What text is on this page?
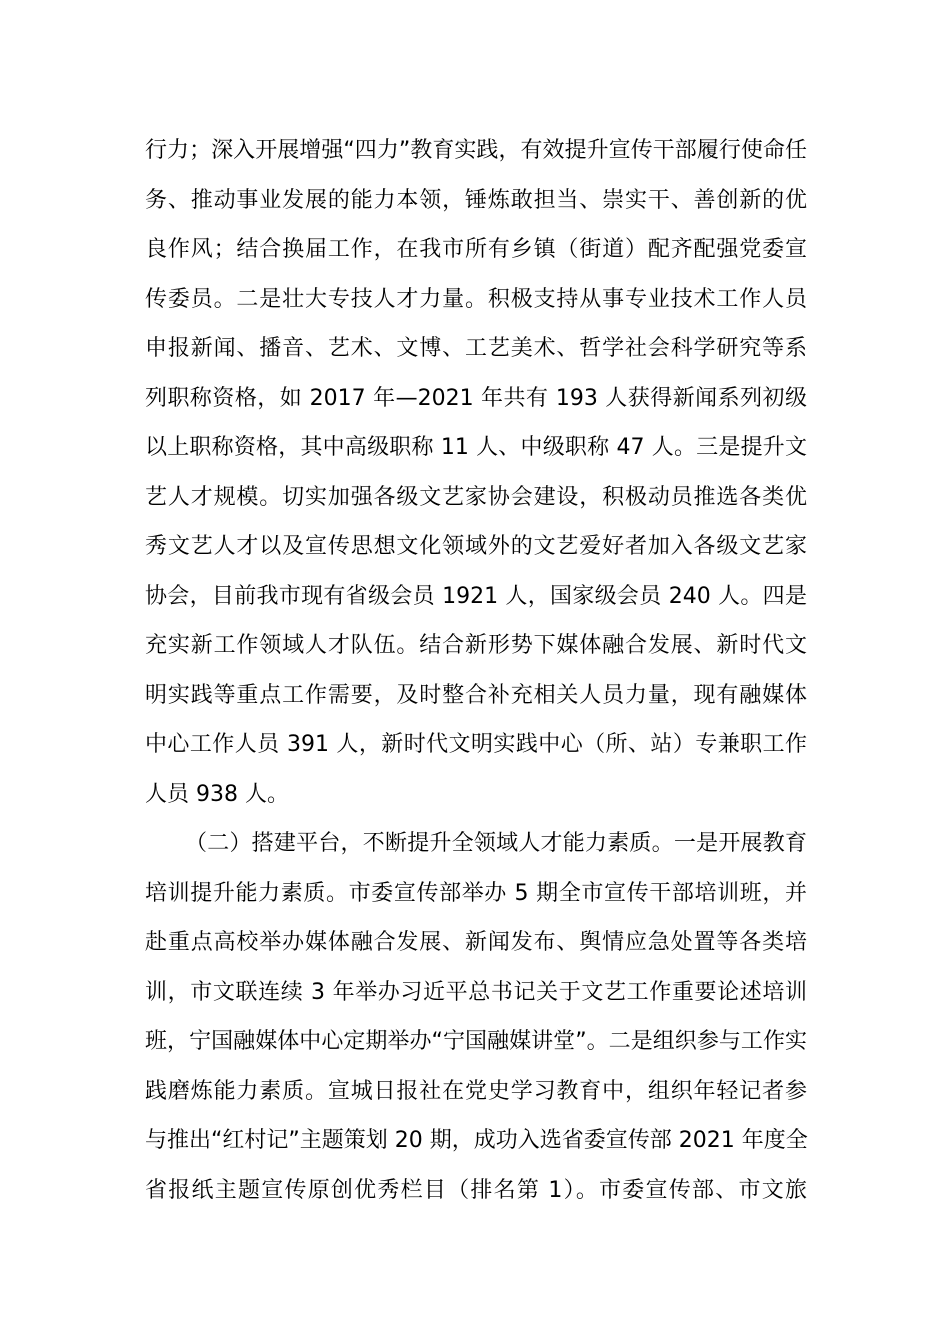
行力；深入开展增强“四力”教育实践，有效提升宣传干部履行使命任
务、推动事业发展的能力本领，锤炼敢担当、崇实干、善创新的优
良作风；结合换届工作，在我市所有乡镇（街道）配齐配强党委宣
传委员。二是壮大专技人才力量。积极支持从事专业技术工作人员
申报新闻、播音、艺术、文博、工艺美术、哲学社会科学研究等系
列职称资格，如 2017 年—2021 年共有 193 人获得新闻系列初级
以上职称资格，其中高级职称 11 人、中级职称 47 人。三是提升文
艺人才规模。切实加强各级文艺家协会建设，积极动员推选各类优
秀文艺人才以及宣传思想文化领域外的文艺爱好者加入各级文艺家
协会，目前我市现有省级会员 1921 人，国家级会员 240 人。四是
充实新工作领域人才队伍。结合新形势下媒体融合发展、新时代文
明实践等重点工作需要，及时整合补充相关人员力量，现有融媒体
中心工作人员 391 人，新时代文明实践中心（所、站）专兼职工作
人员 938 人。
（二）搭建平台，不断提升全领域人才能力素质。一是开展教育
培训提升能力素质。市委宣传部举办 5 期全市宣传干部培训班，并
赴重点高校举办媒体融合发展、新闻发布、舆情应急处置等各类培
训，市文联连续 3 年举办习近平总书记关于文艺工作重要论述培训
班，宁国融媒体中心定期举办“宁国融媒讲堂”。二是组织参与工作实
践磨炼能力素质。宣城日报社在党史学习教育中，组织年轻记者参
与推出“红村记”主题策划 20 期，成功入选省委宣传部 2021 年度全
省报纸主题宣传原创优秀栏目（排名第 1）。市委宣传部、市文旅
